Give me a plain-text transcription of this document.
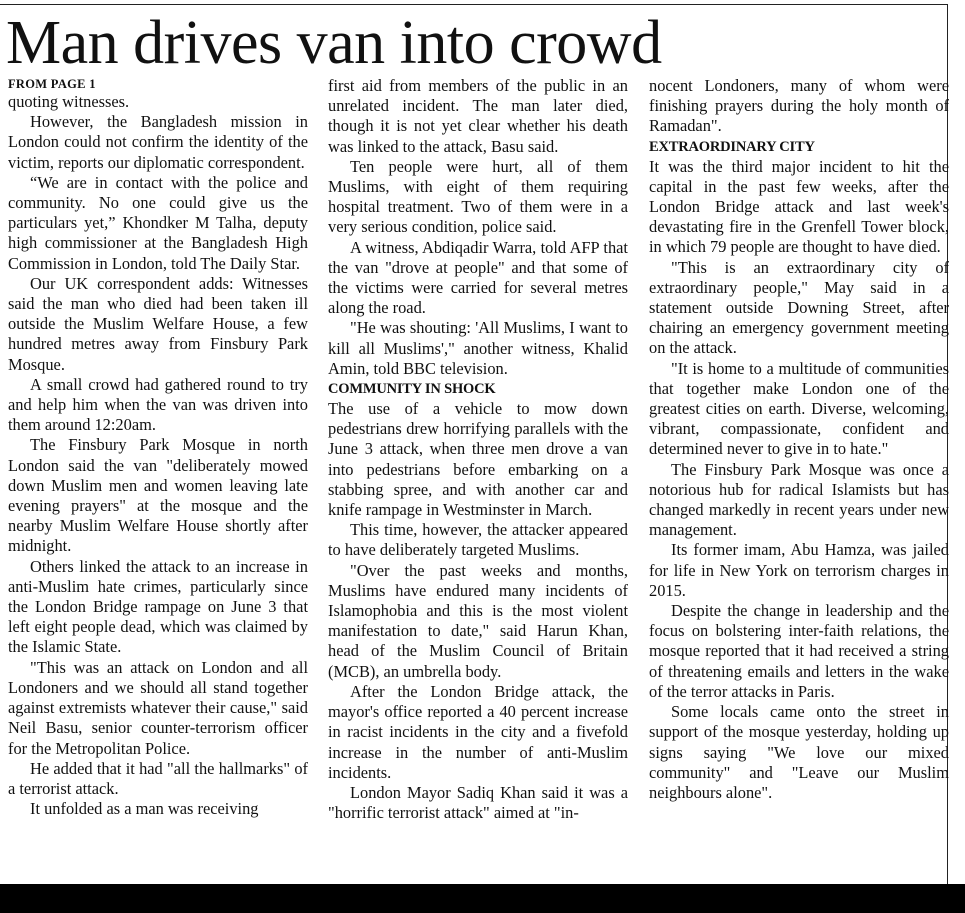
Man drives van into crowd

FROM PAGE 1

quoting witnesses.

However, the Bangladesh mission in London could not confirm the identity of the victim, reports our diplomatic correspondent.

“We are in contact with the police and community. No one could give us the particulars yet,” Khondker M Talha, deputy high commissioner at the Bangladesh High Commission in London, told The Daily Star.

Our UK correspondent adds: Witnesses said the man who died had been taken ill outside the Muslim Welfare House, a few hundred metres away from Finsbury Park Mosque.

A small crowd had gathered round to try and help him when the van was driven into them around 12:20am.

The Finsbury Park Mosque in north London said the van "deliberately mowed down Muslim men and women leaving late evening prayers" at the mosque and the nearby Muslim Welfare House shortly after midnight.

Others linked the attack to an increase in anti-Muslim hate crimes, particularly since the London Bridge rampage on June 3 that left eight people dead, which was claimed by the Islamic State.

"This was an attack on London and all Londoners and we should all stand together against extremists whatever their cause," said Neil Basu, senior counter-terrorism officer for the Metropolitan Police.

He added that it had "all the hallmarks" of a terrorist attack.

It unfolded as a man was receiving

first aid from members of the public in an unrelated incident. The man later died, though it is not yet clear whether his death was linked to the attack, Basu said.

Ten people were hurt, all of them Muslims, with eight of them requiring hospital treatment. Two of them were in a very serious condition, police said.

A witness, Abdiqadir Warra, told AFP that the van "drove at people" and that some of the victims were carried for several metres along the road.

"He was shouting: 'All Muslims, I want to kill all Muslims'," another witness, Khalid Amin, told BBC television.

COMMUNITY IN SHOCK

The use of a vehicle to mow down pedestrians drew horrifying parallels with the June 3 attack, when three men drove a van into pedestrians before embarking on a stabbing spree, and with another car and knife rampage in Westminster in March.

This time, however, the attacker appeared to have deliberately targeted Muslims.

"Over the past weeks and months, Muslims have endured many incidents of Islamophobia and this is the most violent manifestation to date," said Harun Khan, head of the Muslim Council of Britain (MCB), an umbrella body.

After the London Bridge attack, the mayor's office reported a 40 percent increase in racist incidents in the city and a fivefold increase in the number of anti-Muslim incidents.

London Mayor Sadiq Khan said it was a "horrific terrorist attack" aimed at "in-

nocent Londoners, many of whom were finishing prayers during the holy month of Ramadan".

EXTRAORDINARY CITY

It was the third major incident to hit the capital in the past few weeks, after the London Bridge attack and last week's devastating fire in the Grenfell Tower block, in which 79 people are thought to have died.

"This is an extraordinary city of extraordinary people," May said in a statement outside Downing Street, after chairing an emergency government meeting on the attack.

"It is home to a multitude of communities that together make London one of the greatest cities on earth. Diverse, welcoming, vibrant, compassionate, confident and determined never to give in to hate."

The Finsbury Park Mosque was once a notorious hub for radical Islamists but has changed markedly in recent years under new management.

Its former imam, Abu Hamza, was jailed for life in New York on terrorism charges in 2015.

Despite the change in leadership and the focus on bolstering inter-faith relations, the mosque reported that it had received a string of threatening emails and letters in the wake of the terror attacks in Paris.

Some locals came onto the street in support of the mosque yesterday, holding up signs saying "We love our mixed community" and "Leave our Muslim neighbours alone".
